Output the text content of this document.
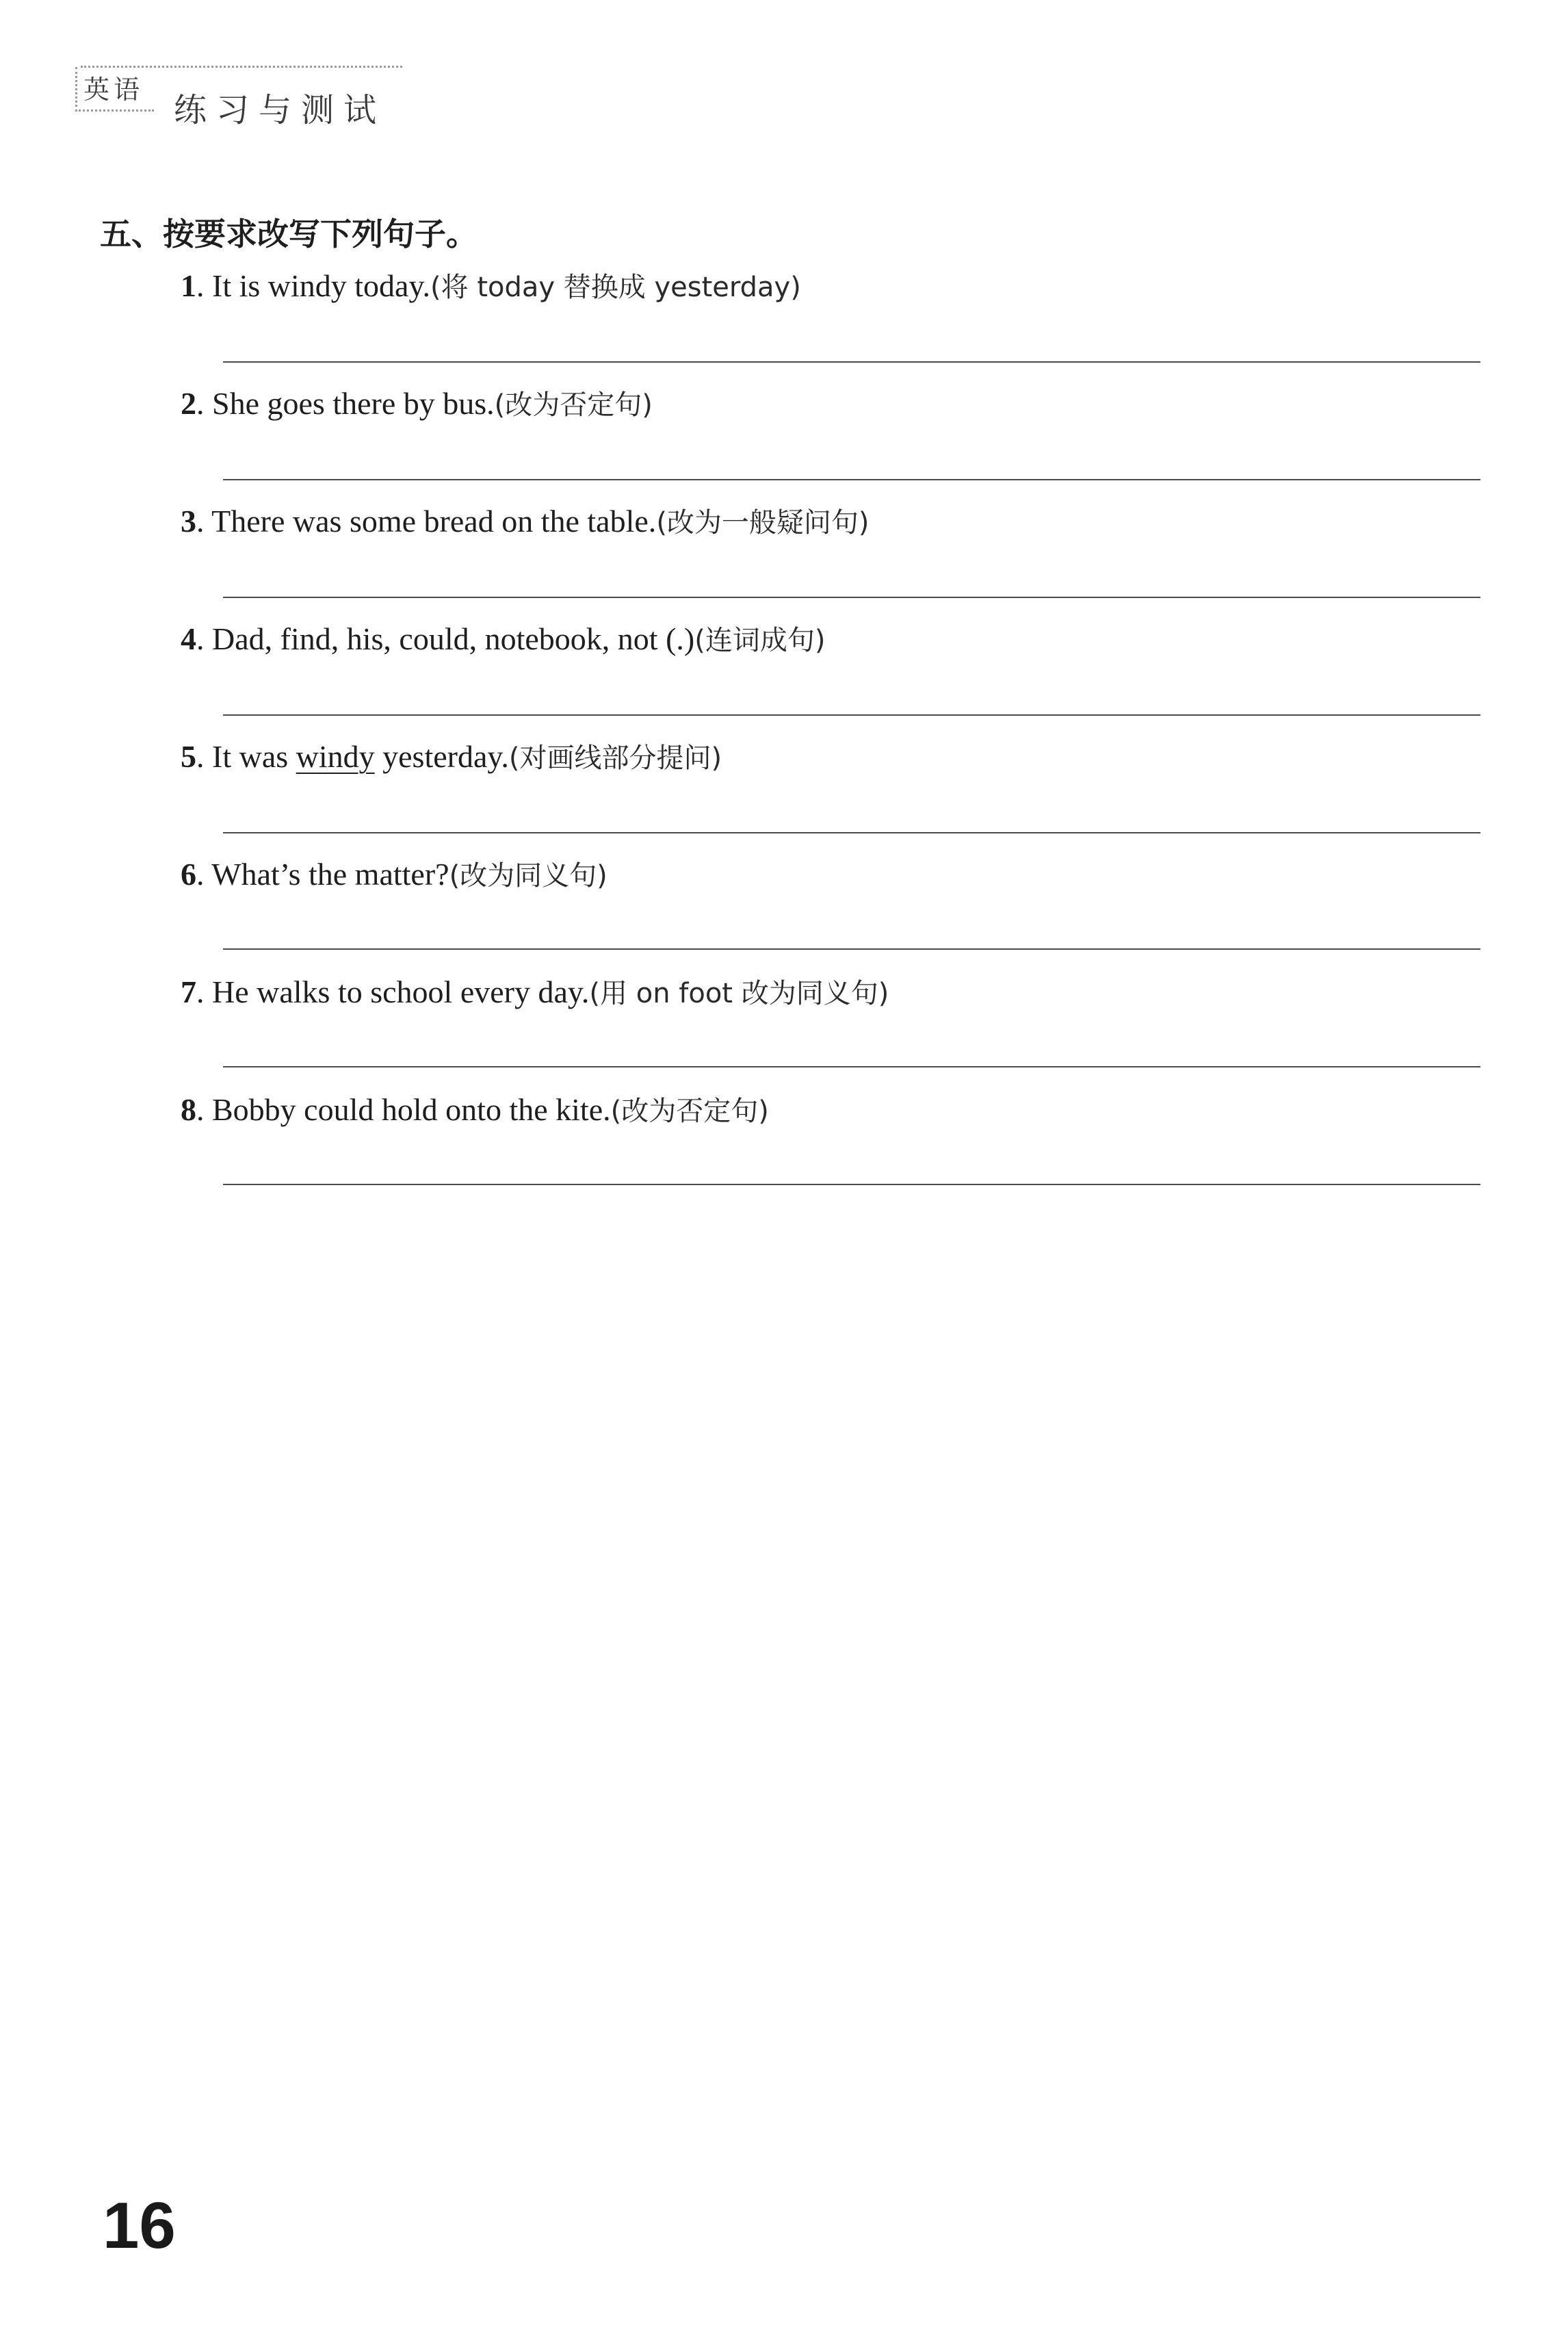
英语
练习与测试
五、按要求改写下列句子。
1. It is windy today.(将 today 替换成 yesterday)
2. She goes there by bus.(改为否定句)
3. There was some bread on the table.(改为一般疑问句)
4. Dad, find, his, could, notebook, not (.)(连词成句)
5. It was windy yesterday.(对画线部分提问)
6. What’s the matter?(改为同义句)
7. He walks to school every day.(用 on foot 改为同义句)
8. Bobby could hold onto the kite.(改为否定句)
16
